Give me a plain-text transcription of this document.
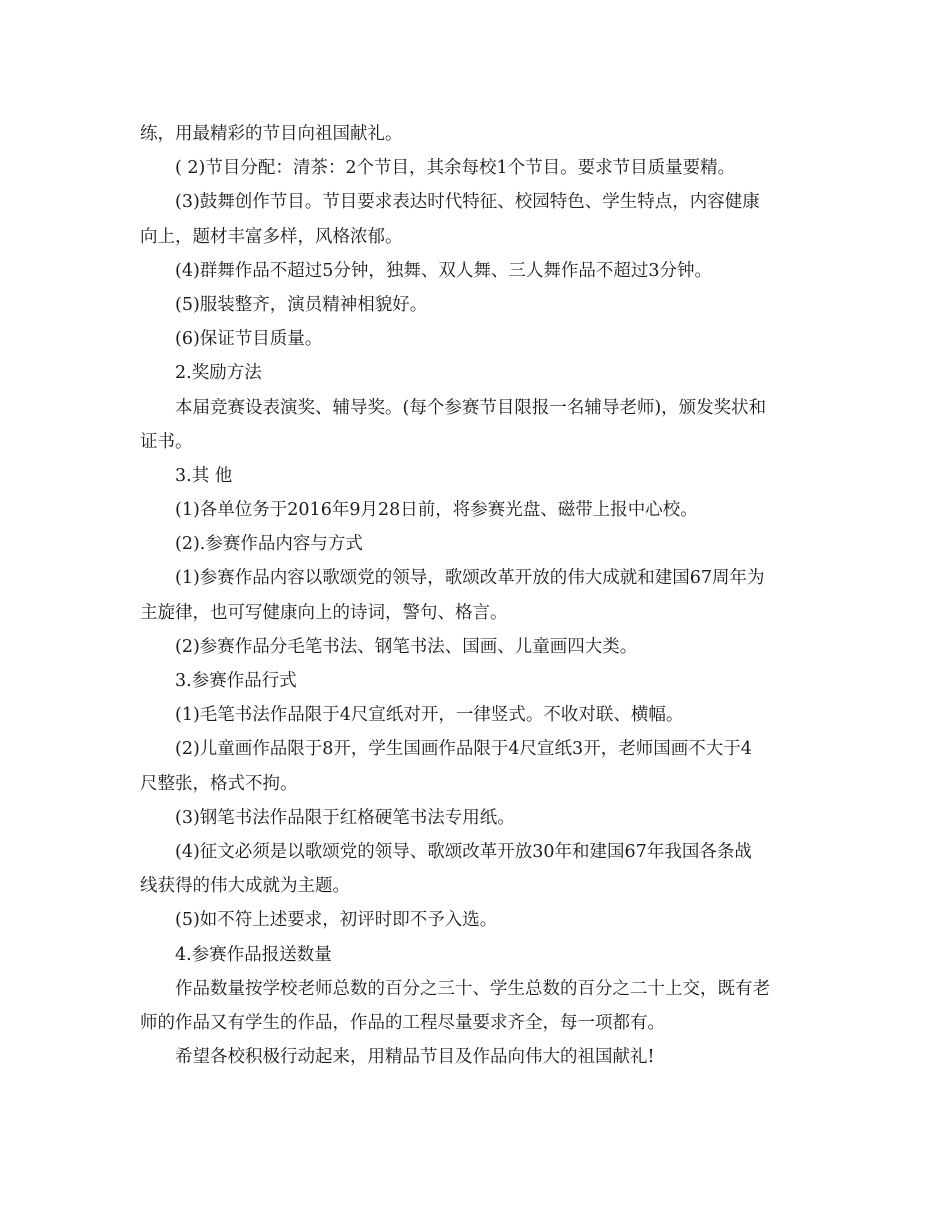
练，用最精彩的节目向祖国献礼。
( 2)节目分配：清茶：2个节目，其余每校1个节目。要求节目质量要精。
(3)鼓舞创作节目。节目要求表达时代特征、校园特色、学生特点，内容健康
向上，题材丰富多样，风格浓郁。
(4)群舞作品不超过5分钟，独舞、双人舞、三人舞作品不超过3分钟。
(5)服装整齐，演员精神相貌好。
(6)保证节目质量。
2.奖励方法
本届竞赛设表演奖、辅导奖。(每个参赛节目限报一名辅导老师)，颁发奖状和
证书。
3.其 他
(1)各单位务于2016年9月28日前，将参赛光盘、磁带上报中心校。
(2).参赛作品内容与方式
(1)参赛作品内容以歌颂党的领导，歌颂改革开放的伟大成就和建国67周年为
主旋律，也可写健康向上的诗词，警句、格言。
(2)参赛作品分毛笔书法、钢笔书法、国画、儿童画四大类。
3.参赛作品行式
(1)毛笔书法作品限于4尺宣纸对开，一律竖式。不收对联、横幅。
(2)儿童画作品限于8开，学生国画作品限于4尺宣纸3开，老师国画不大于4
尺整张，格式不拘。
(3)钢笔书法作品限于红格硬笔书法专用纸。
(4)征文必须是以歌颂党的领导、歌颂改革开放30年和建国67年我国各条战
线获得的伟大成就为主题。
(5)如不符上述要求，初评时即不予入选。
4.参赛作品报送数量
作品数量按学校老师总数的百分之三十、学生总数的百分之二十上交，既有老
师的作品又有学生的作品，作品的工程尽量要求齐全，每一项都有。
希望各校积极行动起来，用精品节目及作品向伟大的祖国献礼!
